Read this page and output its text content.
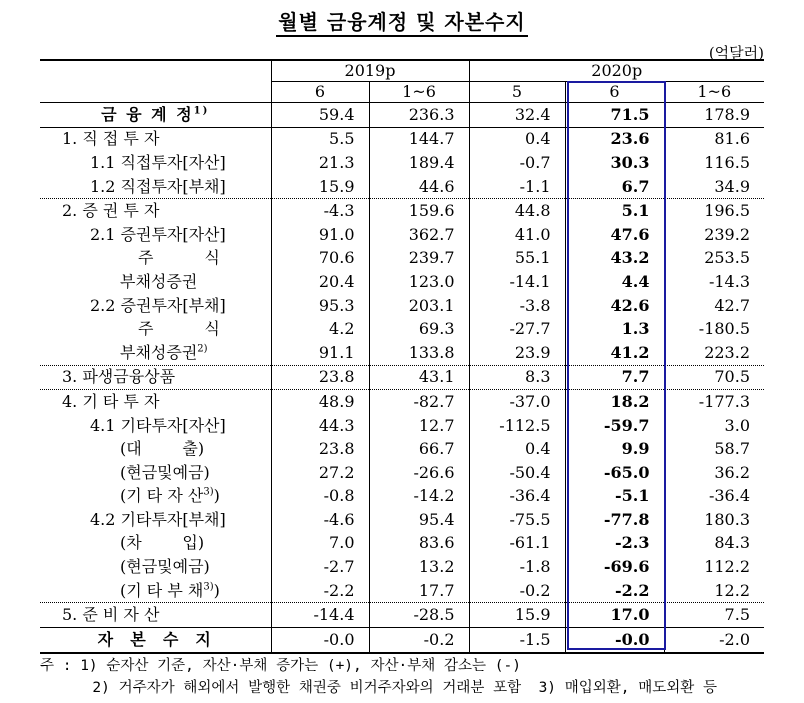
월별 금융계정 및 자본수지
(억달러)
	2019p		2020p		
	6	1~6	5	6	1~6
금 융 계 정$^{1)}$	59.4	236.3	32.4	71.5	178.9
1. 직 접 투 자	5.5	144.7	0.4	23.6	81.6
1.1 직접투자[자산]	21.3	189.4	-0.7	30.3	116.5
1.2 직접투자[부채]	15.9	44.6	-1.1	6.7	34.9
2. 증 권 투 자	-4.3	159.6	44.8	5.1	196.5
2.1 증권투자[자산]	91.0	362.7	41.0	47.6	239.2
주          식	70.6	239.7	55.1	43.2	253.5
부채성증권	20.4	123.0	-14.1	4.4	-14.3
2.2 증권투자[부채]	95.3	203.1	-3.8	42.6	42.7
주          식	4.2	69.3	-27.7	1.3	-180.5
부채성증권$^{2)}$	91.1	133.8	23.9	41.2	223.2
3. 파생금융상품	23.8	43.1	8.3	7.7	70.5
4. 기 타 투 자	48.9	-82.7	-37.0	18.2	-177.3
4.1 기타투자[자산]	44.3	12.7	-112.5	-59.7	3.0
(대        출)	23.8	66.7	0.4	9.9	58.7
(현금및예금)	27.2	-26.6	-50.4	-65.0	36.2
(기 타 자 산$^{3)}$)	-0.8	-14.2	-36.4	-5.1	-36.4
4.2 기타투자[부채]	-4.6	95.4	-75.5	-77.8	180.3
(차        입)	7.0	83.6	-61.1	-2.3	84.3
(현금및예금)	-2.7	13.2	-1.8	-69.6	112.2
(기 타 부 채$^{3)}$)	-2.2	17.7	-0.2	-2.2	12.2
5. 준 비 자 산	-14.4	-28.5	15.9	17.0	7.5
자  본  수  지	-0.0	-0.2	-1.5	-0.0	-2.0
주 : 1) 순자산 기준, 자산·부채 증가는 (+), 자산·부채 감소는 (-)
2) 거주자가 해외에서 발행한 채권중 비거주자와의 거래분 포함  3) 매입외환, 매도외환 등
